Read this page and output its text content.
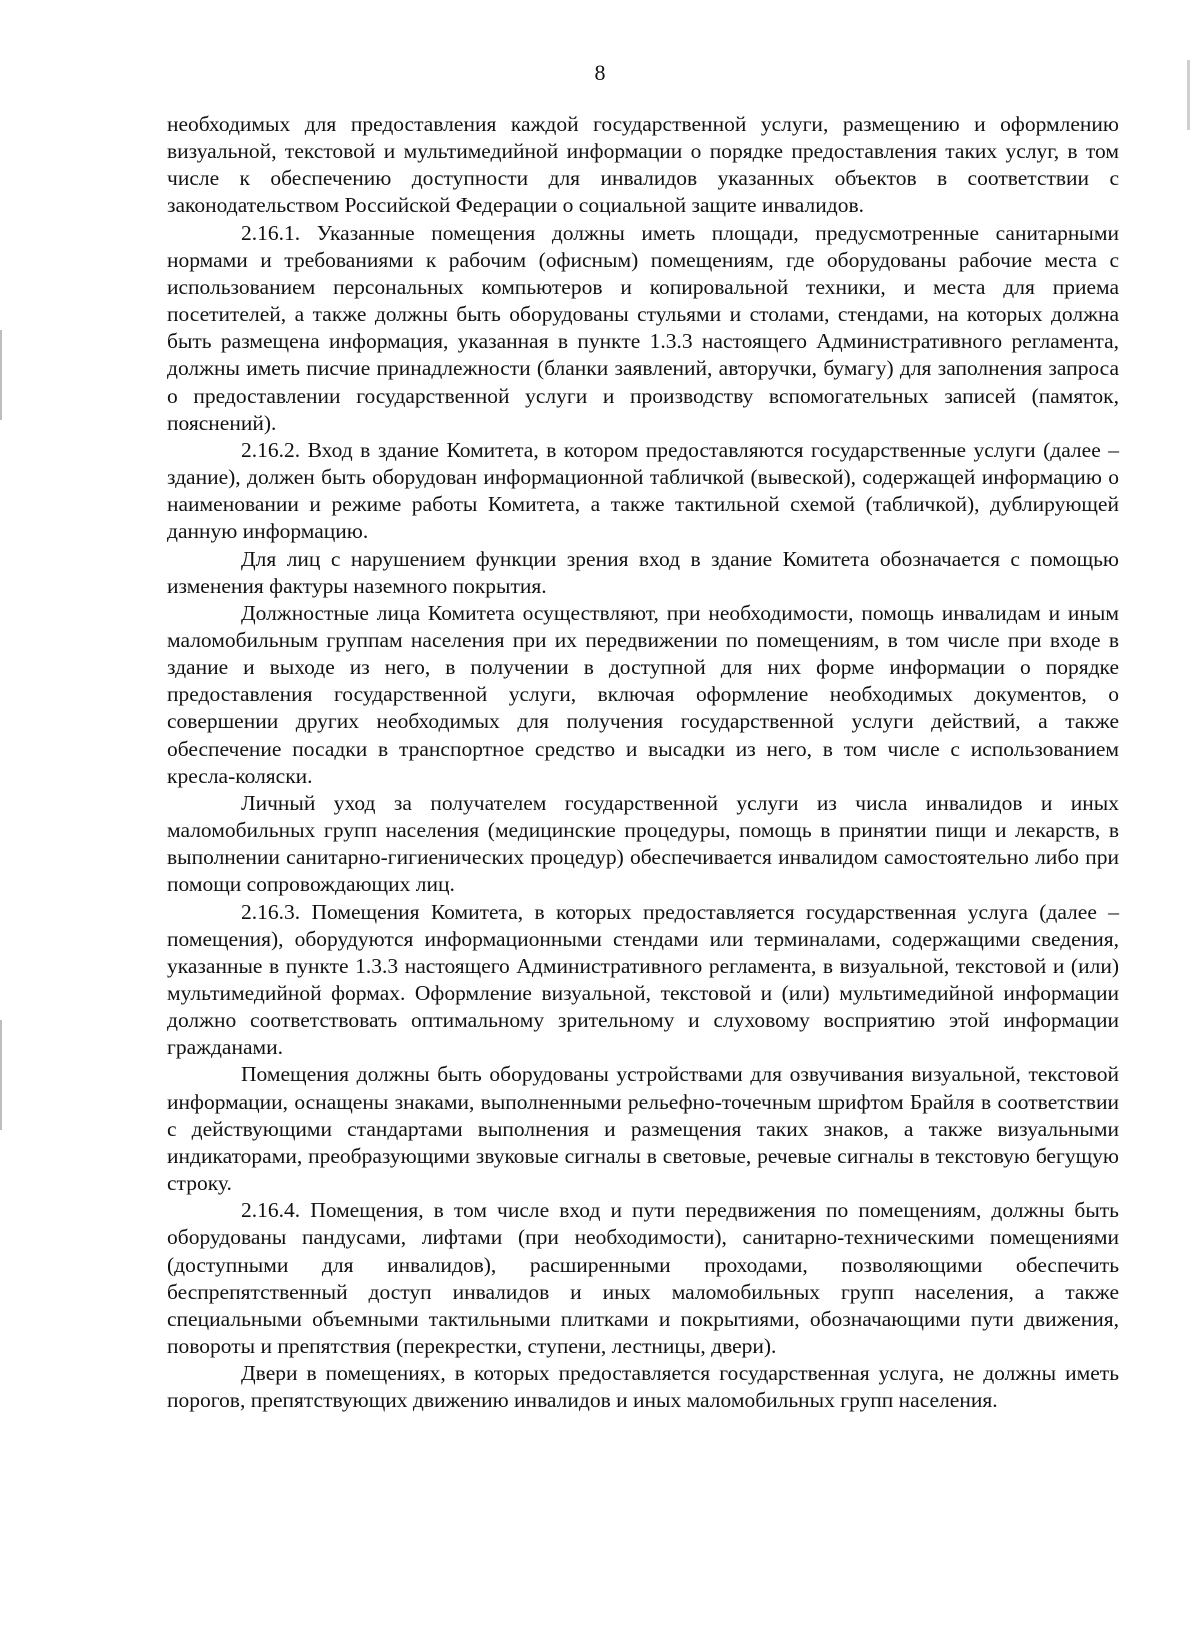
8

необходимых для предоставления каждой государственной услуги, размещению и оформлению визуальной, текстовой и мультимедийной информации о порядке предоставления таких услуг, в том числе к обеспечению доступности для инвалидов указанных объектов в соответствии с законодательством Российской Федерации о социальной защите инвалидов.

2.16.1. Указанные помещения должны иметь площади, предусмотренные санитарными нормами и требованиями к рабочим (офисным) помещениям, где оборудованы рабочие места с использованием персональных компьютеров и копировальной техники, и места для приема посетителей, а также должны быть оборудованы стульями и столами, стендами, на которых должна быть размещена информация, указанная в пункте 1.3.3 настоящего Административного регламента, должны иметь писчие принадлежности (бланки заявлений, авторучки, бумагу) для заполнения запроса о предоставлении государственной услуги и производству вспомогательных записей (памяток, пояснений).

2.16.2. Вход в здание Комитета, в котором предоставляются государственные услуги (далее – здание), должен быть оборудован информационной табличкой (вывеской), содержащей информацию о наименовании и режиме работы Комитета, а также тактильной схемой (табличкой), дублирующей данную информацию.

Для лиц с нарушением функции зрения вход в здание Комитета обозначается с помощью изменения фактуры наземного покрытия.

Должностные лица Комитета осуществляют, при необходимости, помощь инвалидам и иным маломобильным группам населения при их передвижении по помещениям, в том числе при входе в здание и выходе из него, в получении в доступной для них форме информации о порядке предоставления государственной услуги, включая оформление необходимых документов, о совершении других необходимых для получения государственной услуги действий, а также обеспечение посадки в транспортное средство и высадки из него, в том числе с использованием кресла-коляски.

Личный уход за получателем государственной услуги из числа инвалидов и иных маломобильных групп населения (медицинские процедуры, помощь в принятии пищи и лекарств, в выполнении санитарно-гигиенических процедур) обеспечивается инвалидом самостоятельно либо при помощи сопровождающих лиц.

2.16.3. Помещения Комитета, в которых предоставляется государственная услуга (далее – помещения), оборудуются информационными стендами или терминалами, содержащими сведения, указанные в пункте 1.3.3 настоящего Административного регламента, в визуальной, текстовой и (или) мультимедийной формах. Оформление визуальной, текстовой и (или) мультимедийной информации должно соответствовать оптимальному зрительному и слуховому восприятию этой информации гражданами.

Помещения должны быть оборудованы устройствами для озвучивания визуальной, текстовой информации, оснащены знаками, выполненными рельефно-точечным шрифтом Брайля в соответствии с действующими стандартами выполнения и размещения таких знаков, а также визуальными индикаторами, преобразующими звуковые сигналы в световые, речевые сигналы в текстовую бегущую строку.

2.16.4. Помещения, в том числе вход и пути передвижения по помещениям, должны быть оборудованы пандусами, лифтами (при необходимости), санитарно-техническими помещениями (доступными для инвалидов), расширенными проходами, позволяющими обеспечить беспрепятственный доступ инвалидов и иных маломобильных групп населения, а также специальными объемными тактильными плитками и покрытиями, обозначающими пути движения, повороты и препятствия (перекрестки, ступени, лестницы, двери).

Двери в помещениях, в которых предоставляется государственная услуга, не должны иметь порогов, препятствующих движению инвалидов и иных маломобильных групп населения.
